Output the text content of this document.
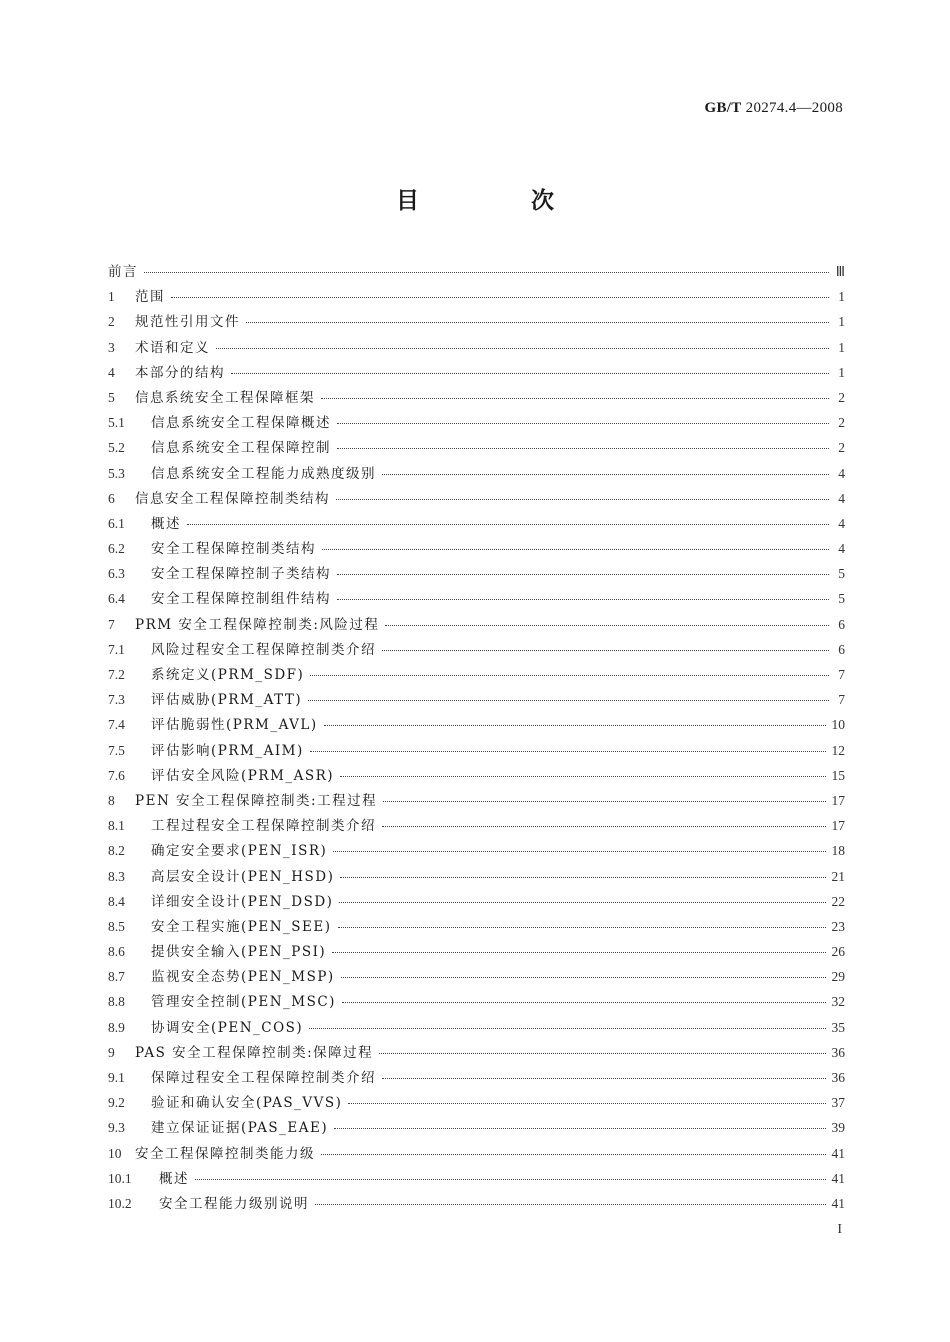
GB/T 20274.4—2008
目 次
前言	Ⅲ
1	范围	1
2	规范性引用文件	1
3	术语和定义	1
4	本部分的结构	1
5	信息系统安全工程保障框架	2
5.1	信息系统安全工程保障概述	2
5.2	信息系统安全工程保障控制	2
5.3	信息系统安全工程能力成熟度级别	4
6	信息安全工程保障控制类结构	4
6.1	概述	4
6.2	安全工程保障控制类结构	4
6.3	安全工程保障控制子类结构	5
6.4	安全工程保障控制组件结构	5
7	PRM 安全工程保障控制类:风险过程	6
7.1	风险过程安全工程保障控制类介绍	6
7.2	系统定义(PRM_SDF)	7
7.3	评估威胁(PRM_ATT)	7
7.4	评估脆弱性(PRM_AVL)	10
7.5	评估影响(PRM_AIM)	12
7.6	评估安全风险(PRM_ASR)	15
8	PEN 安全工程保障控制类:工程过程	17
8.1	工程过程安全工程保障控制类介绍	17
8.2	确定安全要求(PEN_ISR)	18
8.3	高层安全设计(PEN_HSD)	21
8.4	详细安全设计(PEN_DSD)	22
8.5	安全工程实施(PEN_SEE)	23
8.6	提供安全输入(PEN_PSI)	26
8.7	监视安全态势(PEN_MSP)	29
8.8	管理安全控制(PEN_MSC)	32
8.9	协调安全(PEN_COS)	35
9	PAS 安全工程保障控制类:保障过程	36
9.1	保障过程安全工程保障控制类介绍	36
9.2	验证和确认安全(PAS_VVS)	37
9.3	建立保证证据(PAS_EAE)	39
10	安全工程保障控制类能力级	41
10.1	概述	41
10.2	安全工程能力级别说明	41
I
